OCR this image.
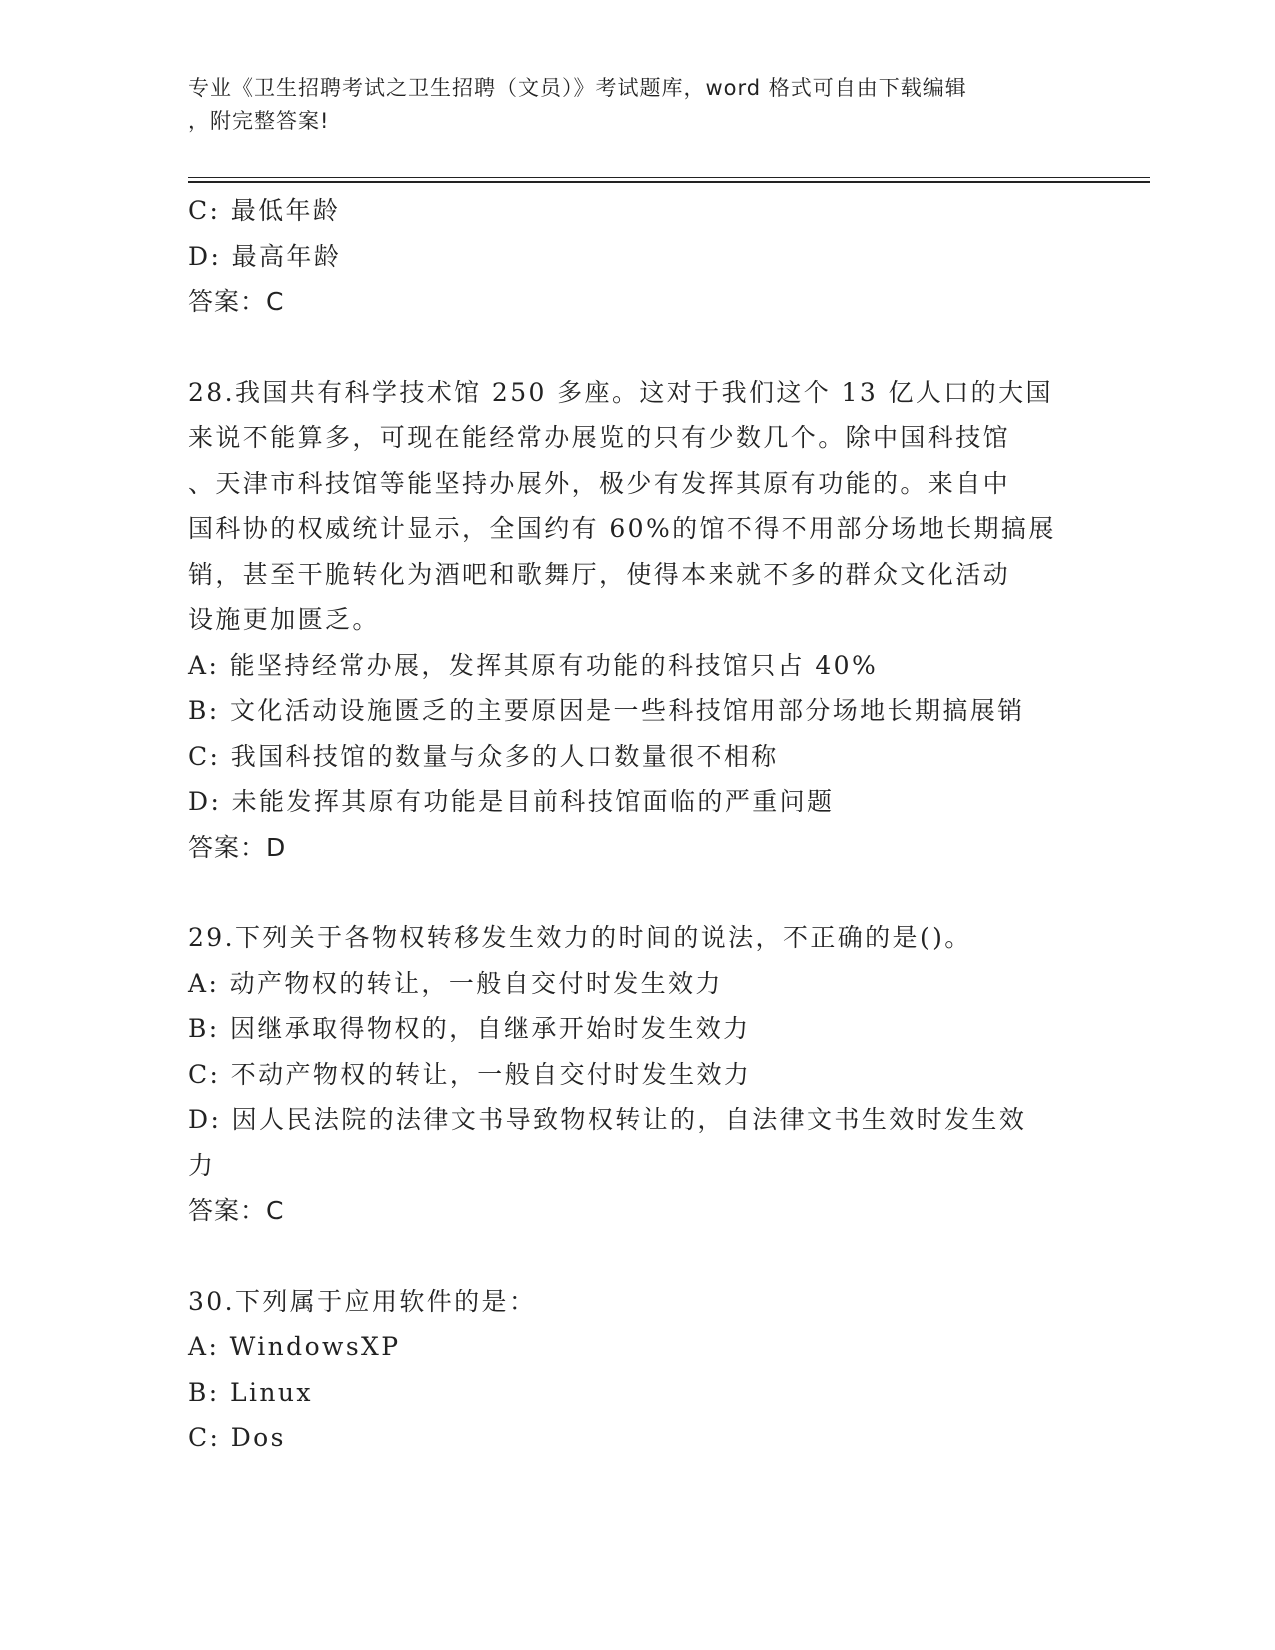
专业《卫生招聘考试之卫生招聘（文员）》考试题库，word 格式可自由下载编辑
，附完整答案!
C: 最低年龄
D: 最高年龄
答案：C
28.我国共有科学技术馆 250 多座。这对于我们这个 13 亿人口的大国
来说不能算多，可现在能经常办展览的只有少数几个。除中国科技馆
、天津市科技馆等能坚持办展外，极少有发挥其原有功能的。来自中
国科协的权威统计显示，全国约有 60%的馆不得不用部分场地长期搞展
销，甚至干脆转化为酒吧和歌舞厅，使得本来就不多的群众文化活动
设施更加匮乏。
A: 能坚持经常办展，发挥其原有功能的科技馆只占 40%
B: 文化活动设施匮乏的主要原因是一些科技馆用部分场地长期搞展销
C: 我国科技馆的数量与众多的人口数量很不相称
D: 未能发挥其原有功能是目前科技馆面临的严重问题
答案：D
29.下列关于各物权转移发生效力的时间的说法，不正确的是()。
A: 动产物权的转让，一般自交付时发生效力
B: 因继承取得物权的，自继承开始时发生效力
C: 不动产物权的转让，一般自交付时发生效力
D: 因人民法院的法律文书导致物权转让的，自法律文书生效时发生效
力
答案：C
30.下列属于应用软件的是：
A: WindowsXP
B: Linux
C: Dos
